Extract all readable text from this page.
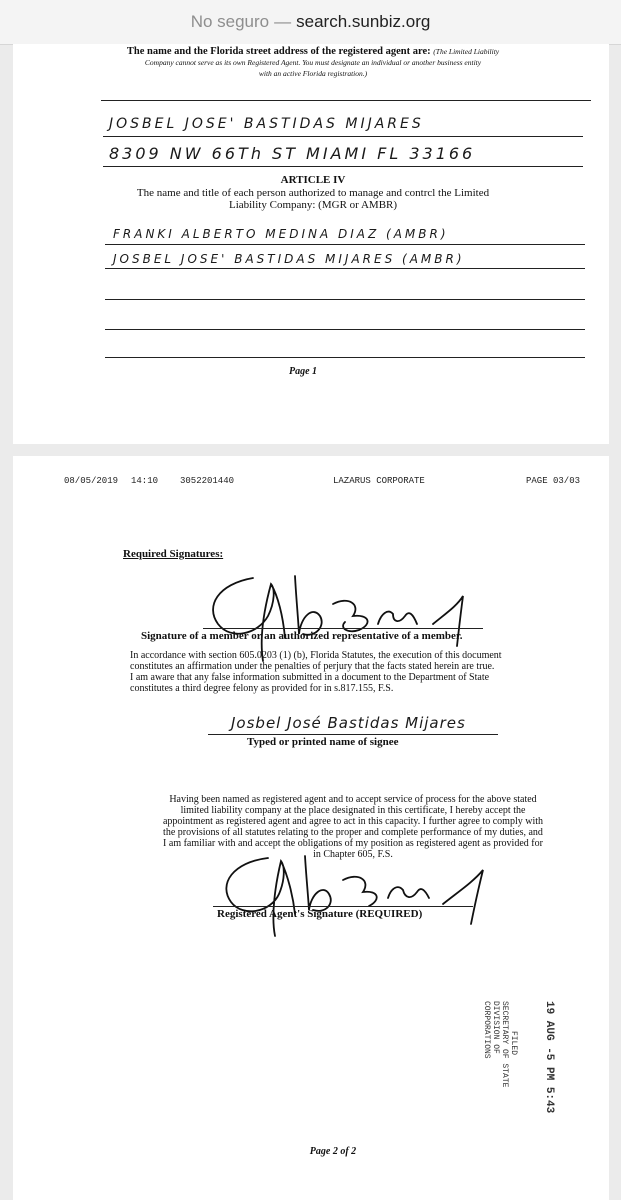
No seguro — search.sunbiz.org
The name and the Florida street address of the registered agent are: (The Limited Liability
Company cannot serve as its own Registered Agent. You must designate an individual or another business entity
with an active Florida registration.)
JOSBEL JOSE' BASTIDAS MIJARES
8309 NW 66Th ST MIAMI FL 33166
ARTICLE IV
The name and title of each person authorized to manage and contrcl the Limited
Liability Company: (MGR or AMBR)
FRANKI ALBERTO MEDINA DIAZ (AMBR)
JOSBEL JOSE' BASTIDAS MIJARES (AMBR)
Page 1
08/05/2019 14:10 3052201440	LAZARUS CORPORATE	PAGE 03/03
Required Signatures:
Signature of a member or an authorized representative of a member.
In accordance with section 605.0203 (1) (b), Florida Statutes, the execution of this document
constitutes an affirmation under the penalties of perjury that the facts stated herein are true.
I am aware that any false information submitted in a document to the Department of State
constitutes a third degree felony as provided for in s.817.155, F.S.
Josbel José Bastidas Mijares
Typed or printed name of signee
Having been named as registered agent and to accept service of process for the above stated
limited liability company at the place designated in this certificate, I hereby accept the
appointment as registered agent and agree to act in this capacity. I further agree to comply with
the provisions of all statutes relating to the proper and complete performance of my duties, and
I am familiar with and accept the obligations of my position as registered agent as provided for
in Chapter 605, F.S.
Registered Agent's Signature (REQUIRED)
FILED
SECRETARY OF STATE
DIVISION OF CORPORATIONS	19 AUG -5 PM 5:43
Page 2 of 2
